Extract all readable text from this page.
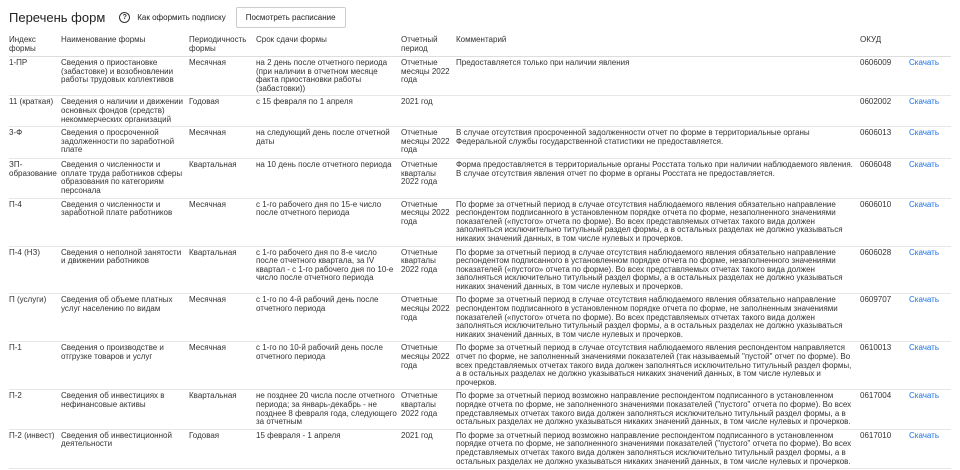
Перечень форм	?	Как оформить подписку	Посмотреть расписание
Индекс формы	Наименование формы	Периодичность формы	Срок сдачи формы	Отчетный период	Комментарий	ОКУД	
1-ПР	Сведения о приостановке (забастовке) и возобновлении работы трудовых коллективов	Месячная	на 2 день после отчетного периода (при наличии в отчетном месяце факта приостановки работы (забастовки))	Отчетные месяцы 2022 года	Предоставляется только при наличии явления	0606009	Скачать
11 (краткая)	Сведения о наличии и движении основных фондов (средств) некоммерческих организаций	Годовая	с 15 февраля по 1 апреля	2021 год		0602002	Скачать
3-Ф	Сведения о просроченной задолженности по заработной плате	Месячная	на следующий день после отчетной даты	Отчетные месяцы 2022 года	В случае отсутствия просроченной задолженности отчет по форме в территориальные органы Федеральной службы государственной статистики не предоставляется.	0606013	Скачать
ЗП-образование	Сведения о численности и оплате труда работников сферы образования по категориям персонала	Квартальная	на 10 день после отчетного периода	Отчетные кварталы 2022 года	Форма предоставляется в территориальные органы Росстата только при наличии наблюдаемого явления. В случае отсутствия явления отчет по форме в органы Росстата не предоставляется.	0606048	Скачать
П-4	Сведения о численности и заработной плате работников	Месячная	с 1-го рабочего дня по 15-е число после отчетного периода	Отчетные месяцы 2022 года	По форме за отчетный период в случае отсутствия наблюдаемого явления обязательно направление респондентом подписанного в установленном порядке отчета по форме, незаполненного значениями показателей («пустого» отчета по форме). Во всех представляемых отчетах такого вида должен заполняться исключительно титульный раздел формы, а в остальных разделах не должно указываться никаких значений данных, в том числе нулевых и прочерков.	0606010	Скачать
П-4 (НЗ)	Сведения о неполной занятости и движении работников	Квартальная	с 1-го рабочего дня по 8-е число после отчетного квартала, за IV квартал - с 1-го рабочего дня по 10-е число после отчетного периода	Отчетные кварталы 2022 года	По форме за отчетный период в случае отсутствия наблюдаемого явления обязательно направление респондентом подписанного в установленном порядке отчета по форме, незаполненного значениями показателей («пустого» отчета по форме). Во всех представляемых отчетах такого вида должен заполняться исключительно титульный раздел формы, а в остальных разделах не должно указываться никаких значений данных, в том числе нулевых и прочерков.	0606028	Скачать
П (услуги)	Сведения об объеме платных услуг населению по видам	Месячная	с 1-го по 4-й рабочий день после отчетного периода	Отчетные месяцы 2022 года	По форме за отчетный период в случае отсутствия наблюдаемого явления обязательно направление респондентом подписанного в установленном порядке отчета по форме, не заполненным значениями показателей («пустого» отчета по форме). Во всех представляемых отчетах такого вида должен заполняться исключительно титульный раздел формы, а в остальных разделах не должно указываться никаких значений данных, в том числе нулевых и прочерков.	0609707	Скачать
П-1	Сведения о производстве и отгрузке товаров и услуг	Месячная	с 1-го по 10-й рабочий день после отчетного периода	Отчетные месяцы 2022 года	По форме за отчетный период в случае отсутствия наблюдаемого явления респондентом направляется отчет по форме, не заполненный значениями показателей (так называемый "пустой" отчет по форме). Во всех представляемых отчетах такого вида должен заполняться исключительно титульный раздел формы, а в остальных разделах не должно указываться никаких значений данных, в том числе нулевых и прочерков.	0610013	Скачать
П-2	Сведения об инвестициях в нефинансовые активы	Квартальная	не позднее 20 числа после отчетного периода; за январь-декабрь - не позднее 8 февраля года, следующего за отчетным	Отчетные кварталы 2022 года	По форме за отчетный период возможно направление респондентом подписанного в установленном порядке отчета по форме, не заполненного значениями показателей ("пустого" отчета по форме). Во всех представляемых отчетах такого вида должен заполняться исключительно титульный раздел формы, а в остальных разделах не должно указываться никаких значений данных, в том числе нулевых и прочерков.	0617004	Скачать
П-2 (инвест)	Сведения об инвестиционной деятельности	Годовая	15 февраля - 1 апреля	2021 год	По форме за отчетный период возможно направление респондентом подписанного в установленном порядке отчета по форме, не заполненного значениями показателей ("пустого" отчета по форме). Во всех представляемых отчетах такого вида должен заполняться исключительно титульный раздел формы, а в остальных разделах не должно указываться никаких значений данных, в том числе нулевых и прочерков.	0617010	Скачать
